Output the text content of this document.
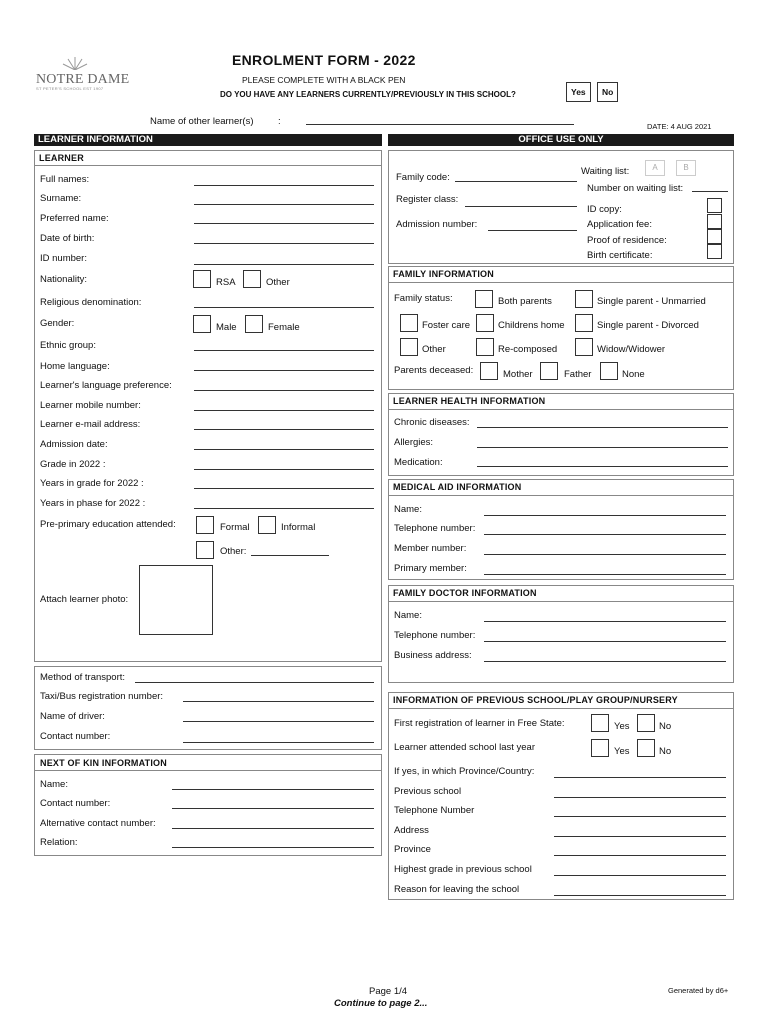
NOTRE DAME
ST PETER'S SCHOOL EST 1907
ENROLMENT FORM - 2022
PLEASE COMPLETE WITH A BLACK PEN
DO YOU HAVE ANY LEARNERS CURRENTLY/PREVIOUSLY IN THIS SCHOOL?	Yes	No
Name of other learner(s)	:	DATE: 4 AUG 2021
LEARNER INFORMATION	OFFICE USE ONLY
LEARNER
Full names:
Surname:
Preferred name:
Date of birth:
ID number:
Nationality:	RSA	Other
Religious denomination:
Gender:	Male	Female
Ethnic group:
Home language:
Learner's language preference:
Learner mobile number:
Learner e-mail address:
Admission date:
Grade in 2022 :
Years in grade for 2022 :
Years in phase for 2022 :
Pre-primary education attended:	Formal	Informal
Other:
Attach learner photo:
Method of transport:
Taxi/Bus registration number:
Name of driver:
Contact number:
NEXT OF KIN INFORMATION
Name:
Contact number:
Alternative contact number:
Relation:
Family code:
Register class:
Admission number:
Waiting list:	A	B
Number on waiting list:
ID copy:
Application fee:
Proof of residence:
Birth certificate:
FAMILY INFORMATION
Family status:	Both parents	Single parent - Unmarried
Foster care	Childrens home	Single parent - Divorced
Other	Re-composed	Widow/Widower
Parents deceased:	Mother	Father	None
LEARNER HEALTH INFORMATION
Chronic diseases:
Allergies:
Medication:
MEDICAL AID INFORMATION
Name:
Telephone number:
Member number:
Primary member:
FAMILY DOCTOR INFORMATION
Name:
Telephone number:
Business address:
INFORMATION OF PREVIOUS SCHOOL/PLAY GROUP/NURSERY
First registration of learner in Free State:	Yes	No
Learner attended school last year	Yes	No
If yes, in which Province/Country:
Previous school
Telephone Number
Address
Province
Highest grade in previous school
Reason for leaving the school
Page 1/4
Continue to page 2...
Generated by d6+
